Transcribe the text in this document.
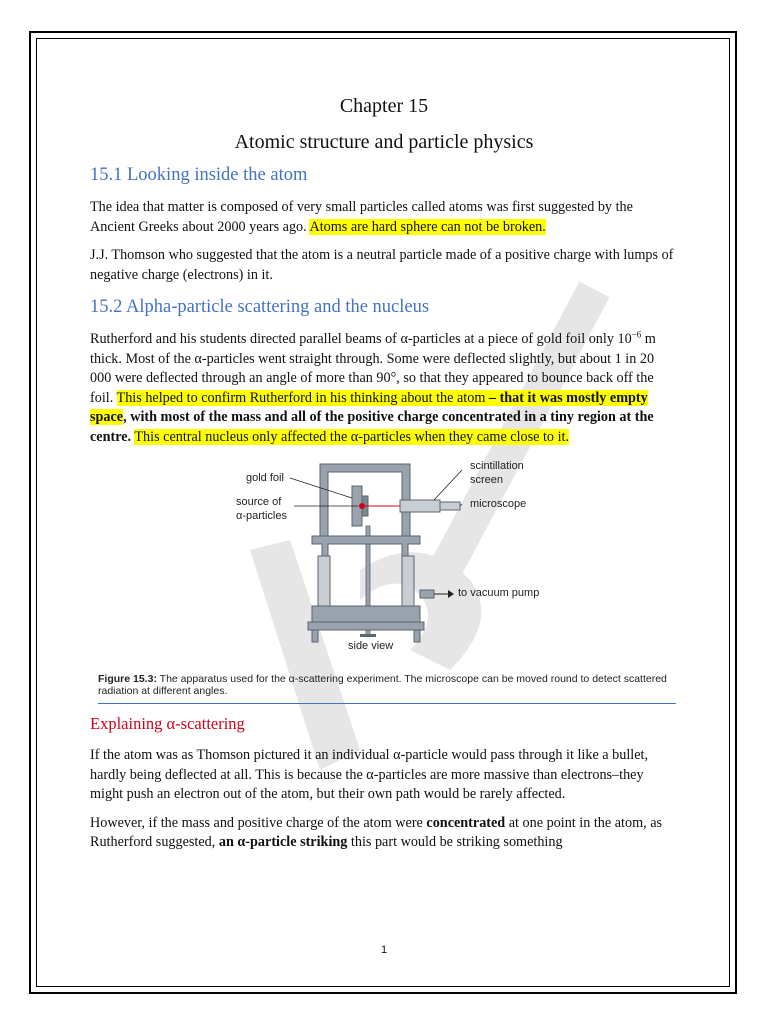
Chapter 15
Atomic structure and particle physics
15.1 Looking inside the atom

The idea that matter is composed of very small particles called atoms was first suggested by the Ancient Greeks about 2000 years ago. Atoms are hard sphere can not be broken.

J.J. Thomson who suggested that the atom is a neutral particle made of a positive charge with lumps of negative charge (electrons) in it.

15.2 Alpha-particle scattering and the nucleus

Rutherford and his students directed parallel beams of α-particles at a piece of gold foil only $10^{-6}$ m thick. Most of the α-particles went straight through. Some were deflected slightly, but about 1 in 20 000 were deflected through an angle of more than 90°, so that they appeared to bounce back off the foil. This helped to confirm Rutherford in his thinking about the atom – that it was mostly empty space, with most of the mass and all of the positive charge concentrated in a tiny region at the centre. This central nucleus only affected the α-particles when they came close to it.

gold foil
source of
α-particles
scintillation
screen
microscope
to vacuum pump
side view
Figure 15.3: The apparatus used for the α-scattering experiment. The microscope can be moved round to detect scattered radiation at different angles.
Explaining α-scattering

If the atom was as Thomson pictured it an individual α-particle would pass through it like a bullet, hardly being deflected at all. This is because the α-particles are more massive than electrons–they might push an electron out of the atom, but their own path would be rarely affected.

However, if the mass and positive charge of the atom were concentrated at one point in the atom, as Rutherford suggested, an α-particle striking this part would be striking something

1
